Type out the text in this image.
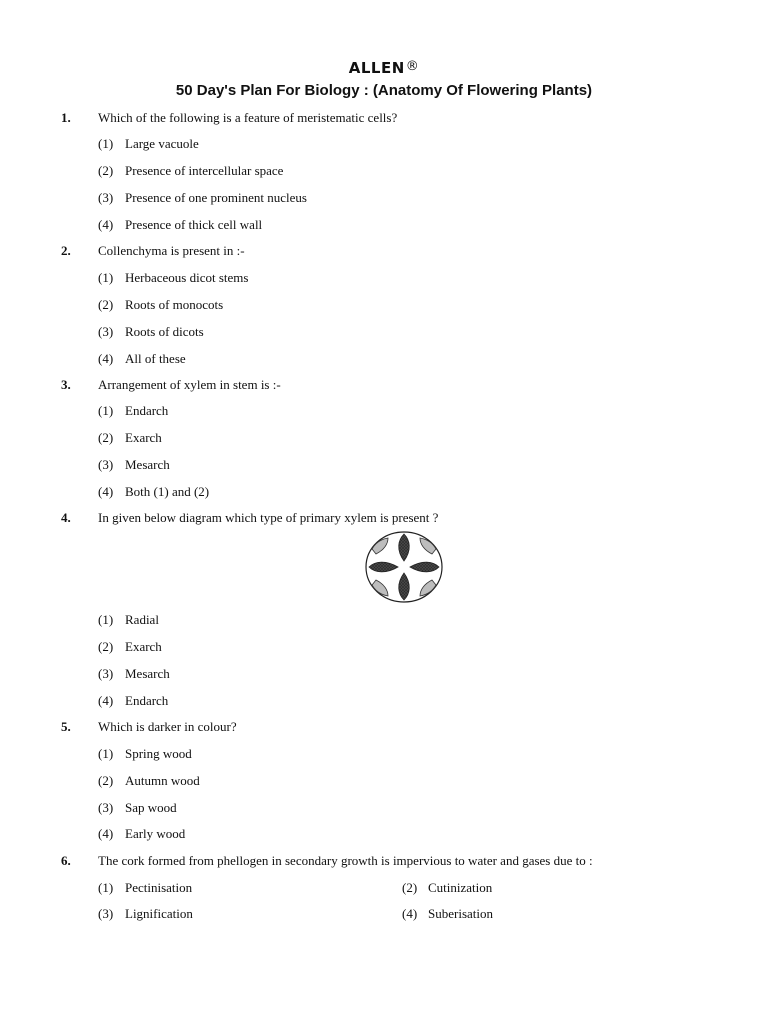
ALLEN®
50 Day's Plan For Biology : (Anatomy Of Flowering Plants)
1. Which of the following is a feature of meristematic cells?
(1) Large vacuole
(2) Presence of intercellular space
(3) Presence of one prominent nucleus
(4) Presence of thick cell wall
2. Collenchyma is present in :-
(1) Herbaceous dicot stems
(2) Roots of monocots
(3) Roots of dicots
(4) All of these
3. Arrangement of xylem in stem is :-
(1) Endarch
(2) Exarch
(3) Mesarch
(4) Both (1) and (2)
4. In given below diagram which type of primary xylem is present ?
(1) Radial
(2) Exarch
(3) Mesarch
(4) Endarch
5. Which is darker in colour?
(1) Spring wood
(2) Autumn wood
(3) Sap wood
(4) Early wood
6. The cork formed from phellogen in secondary growth is impervious to water and gases due to :
(1) Pectinisation	(2) Cutinization
(3) Lignification	(4) Suberisation
